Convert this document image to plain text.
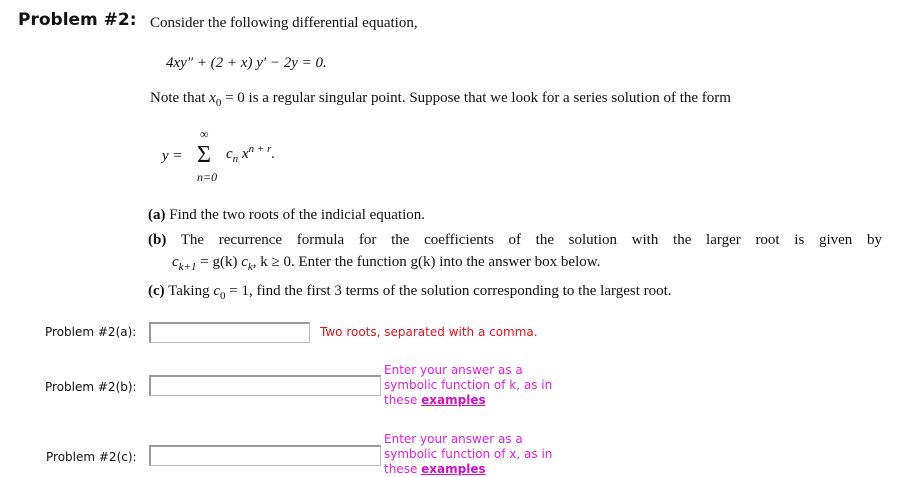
Problem #2: Consider the following differential equation,
4xy″ + (2 + x) y′ − 2y = 0.
Note that $x_0 = 0$ is a regular singular point. Suppose that we look for a series solution of the form
y =
∞
Σ
n=0
$c_n$ $x^{n + r}$.
(a) Find the two roots of the indicial equation.
(b) The recurrence formula for the coefficients of the solution with the larger root is given by
$c_{k+1} = g(k)$ $c_k$, k ≥ 0. Enter the function g(k) into the answer box below.
(c) Taking $c_0 = 1$, find the first 3 terms of the solution corresponding to the largest root.
Problem #2(a):	Two roots, separated with a comma.
Problem #2(b):
Enter your answer as a symbolic function of k, as in these examples
Problem #2(c):
Enter your answer as a symbolic function of x, as in these examples
